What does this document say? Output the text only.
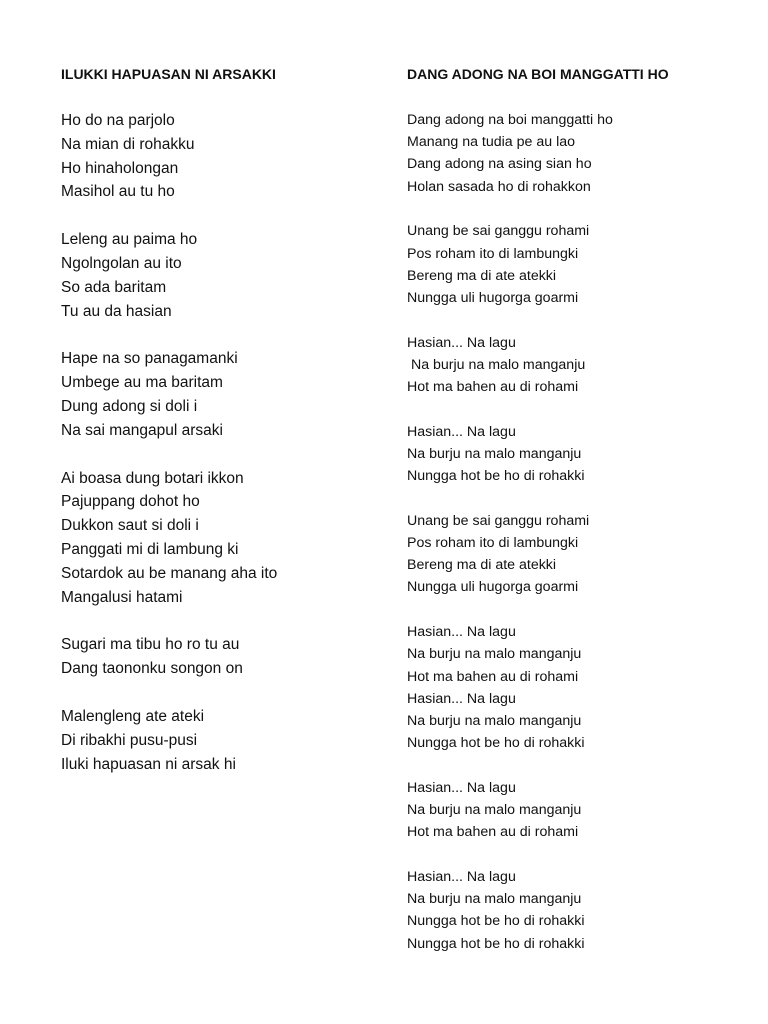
ILUKKI HAPUASAN NI ARSAKKI
Ho do na parjolo
Na mian di rohakku
Ho hinaholongan
Masihol au tu ho
Leleng au paima ho
Ngolngolan au ito
So ada baritam
Tu au da hasian
Hape na so panagamanki
Umbege au ma baritam
Dung adong si doli i
Na sai mangapul arsaki
Ai boasa dung botari ikkon
Pajuppang dohot ho
Dukkon saut si doli i
Panggati mi di lambung ki
Sotardok au be manang aha ito
Mangalusi hatami
Sugari ma tibu ho ro tu au
Dang taononku songon on
Malengleng ate ateki
Di ribakhi pusu-pusi
Iluki hapuasan ni arsak hi
DANG ADONG NA BOI MANGGATTI HO
Dang adong na boi manggatti ho
Manang na tudia pe au lao
Dang adong na asing sian ho
Holan sasada ho di rohakkon
Unang be sai ganggu rohami
Pos roham ito di lambungki
Bereng ma di ate atekki
Nungga uli hugorga goarmi
Hasian... Na lagu
Na burju na malo manganju
Hot ma bahen au di rohami
Hasian... Na lagu
Na burju na malo manganju
Nungga hot be ho di rohakki
Unang be sai ganggu rohami
Pos roham ito di lambungki
Bereng ma di ate atekki
Nungga uli hugorga goarmi
Hasian... Na lagu
Na burju na malo manganju
Hot ma bahen au di rohami
Hasian... Na lagu
Na burju na malo manganju
Nungga hot be ho di rohakki
Hasian... Na lagu
Na burju na malo manganju
Hot ma bahen au di rohami
Hasian... Na lagu
Na burju na malo manganju
Nungga hot be ho di rohakki
Nungga hot be ho di rohakki
